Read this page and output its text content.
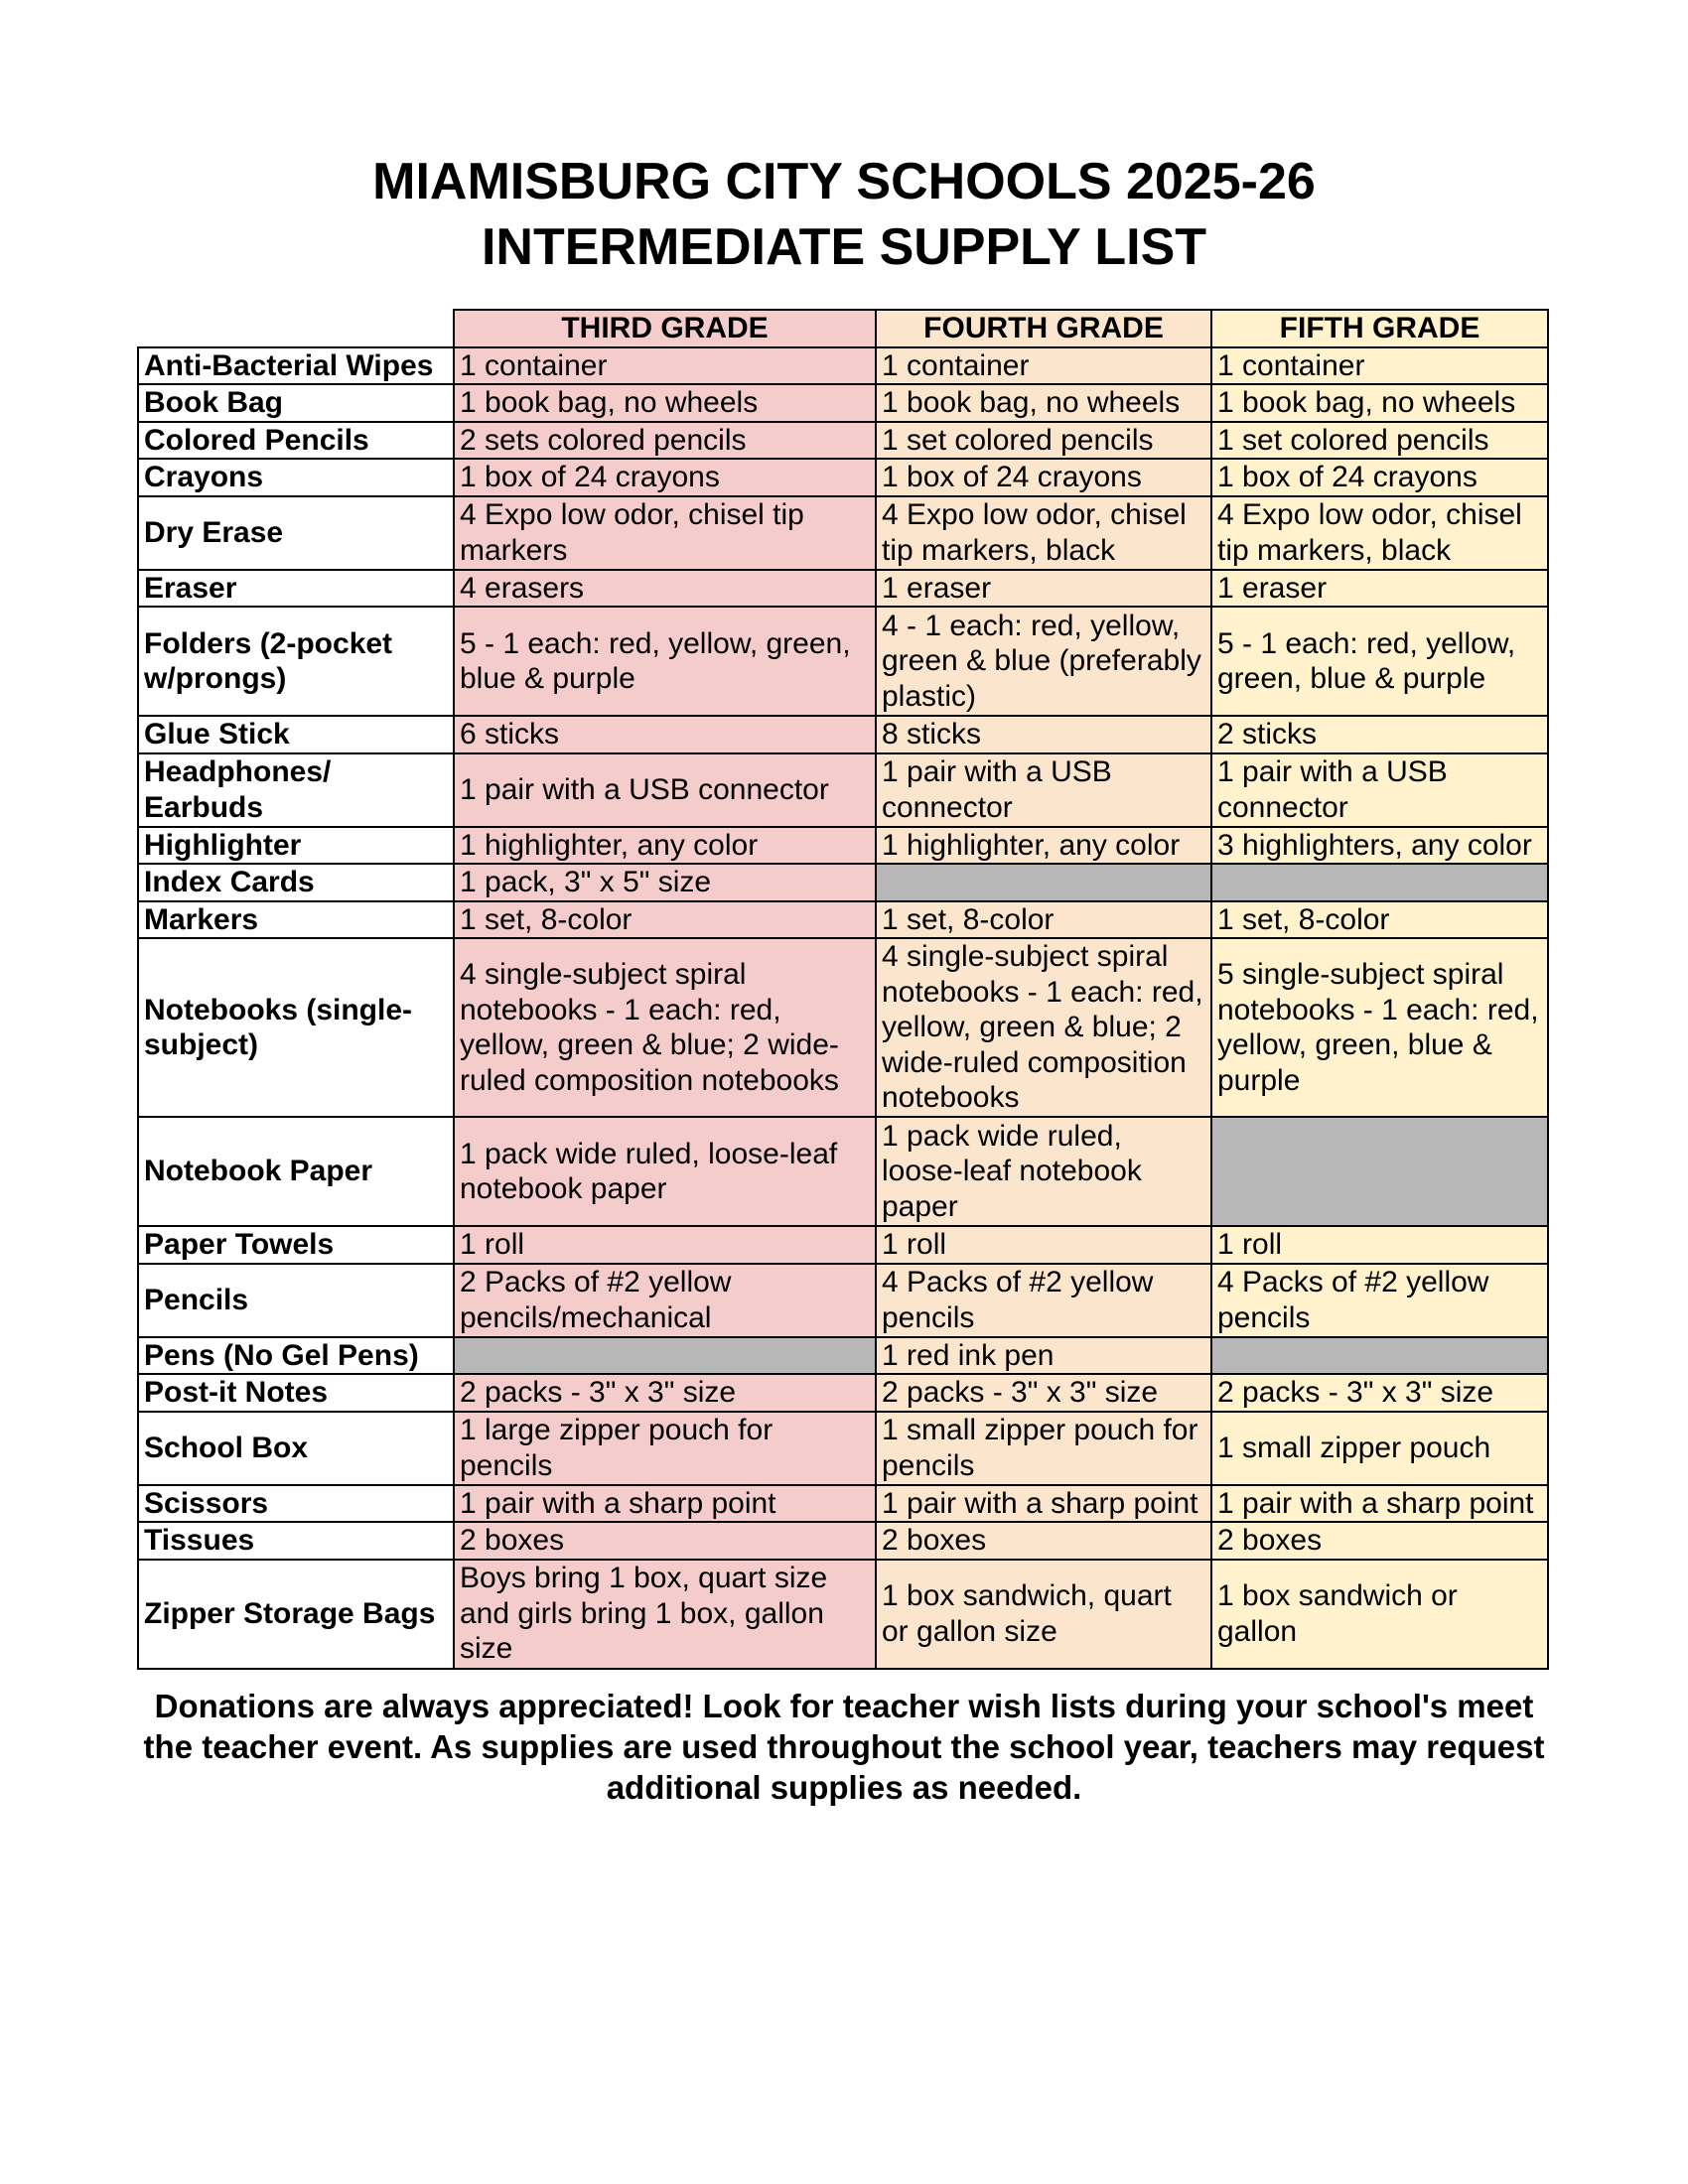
MIAMISBURG CITY SCHOOLS 2025-26
INTERMEDIATE SUPPLY LIST
	THIRD GRADE	FOURTH GRADE	FIFTH GRADE
Anti-Bacterial Wipes	1 container	1 container	1 container
Book Bag	1 book bag, no wheels	1 book bag, no wheels	1 book bag, no wheels
Colored Pencils	2 sets colored pencils	1 set colored pencils	1 set colored pencils
Crayons	1 box of 24 crayons	1 box of 24 crayons	1 box of 24 crayons
Dry Erase	4 Expo low odor, chisel tip markers	4 Expo low odor, chisel tip markers, black	4 Expo low odor, chisel tip markers, black
Eraser	4 erasers	1 eraser	1 eraser
Folders (2-pocket w/prongs)	5 - 1 each: red, yellow, green, blue & purple	4 - 1 each: red, yellow, green & blue (preferably plastic)	5 - 1 each: red, yellow, green, blue & purple
Glue Stick	6 sticks	8 sticks	2 sticks
Headphones/ Earbuds	1 pair with a USB connector	1 pair with a USB connector	1 pair with a USB connector
Highlighter	1 highlighter, any color	1 highlighter, any color	3 highlighters, any color
Index Cards	1 pack, 3" x 5" size		
Markers	1 set, 8-color	1 set, 8-color	1 set, 8-color
Notebooks (single-subject)	4 single-subject spiral notebooks - 1 each: red, yellow, green & blue; 2 wide-ruled composition notebooks	4 single-subject spiral notebooks - 1 each: red, yellow, green & blue; 2 wide-ruled composition notebooks	5 single-subject spiral notebooks - 1 each: red, yellow, green, blue & purple
Notebook Paper	1 pack wide ruled, loose-leaf notebook paper	1 pack wide ruled, loose-leaf notebook paper	
Paper Towels	1 roll	1 roll	1 roll
Pencils	2 Packs of #2 yellow pencils/mechanical	4 Packs of #2 yellow pencils	4 Packs of #2 yellow pencils
Pens (No Gel Pens)		1 red ink pen	
Post-it Notes	2 packs - 3" x 3" size	2 packs - 3" x 3" size	2 packs - 3" x 3" size
School Box	1 large zipper pouch for pencils	1 small zipper pouch for pencils	1 small zipper pouch
Scissors	1 pair with a sharp point	1 pair with a sharp point	1 pair with a sharp point
Tissues	2 boxes	2 boxes	2 boxes
Zipper Storage Bags	Boys bring 1 box, quart size and girls bring 1 box, gallon size	1 box sandwich, quart or gallon size	1 box sandwich or gallon
Donations are always appreciated! Look for teacher wish lists during your school's meet the teacher event. As supplies are used throughout the school year, teachers may request additional supplies as needed.
